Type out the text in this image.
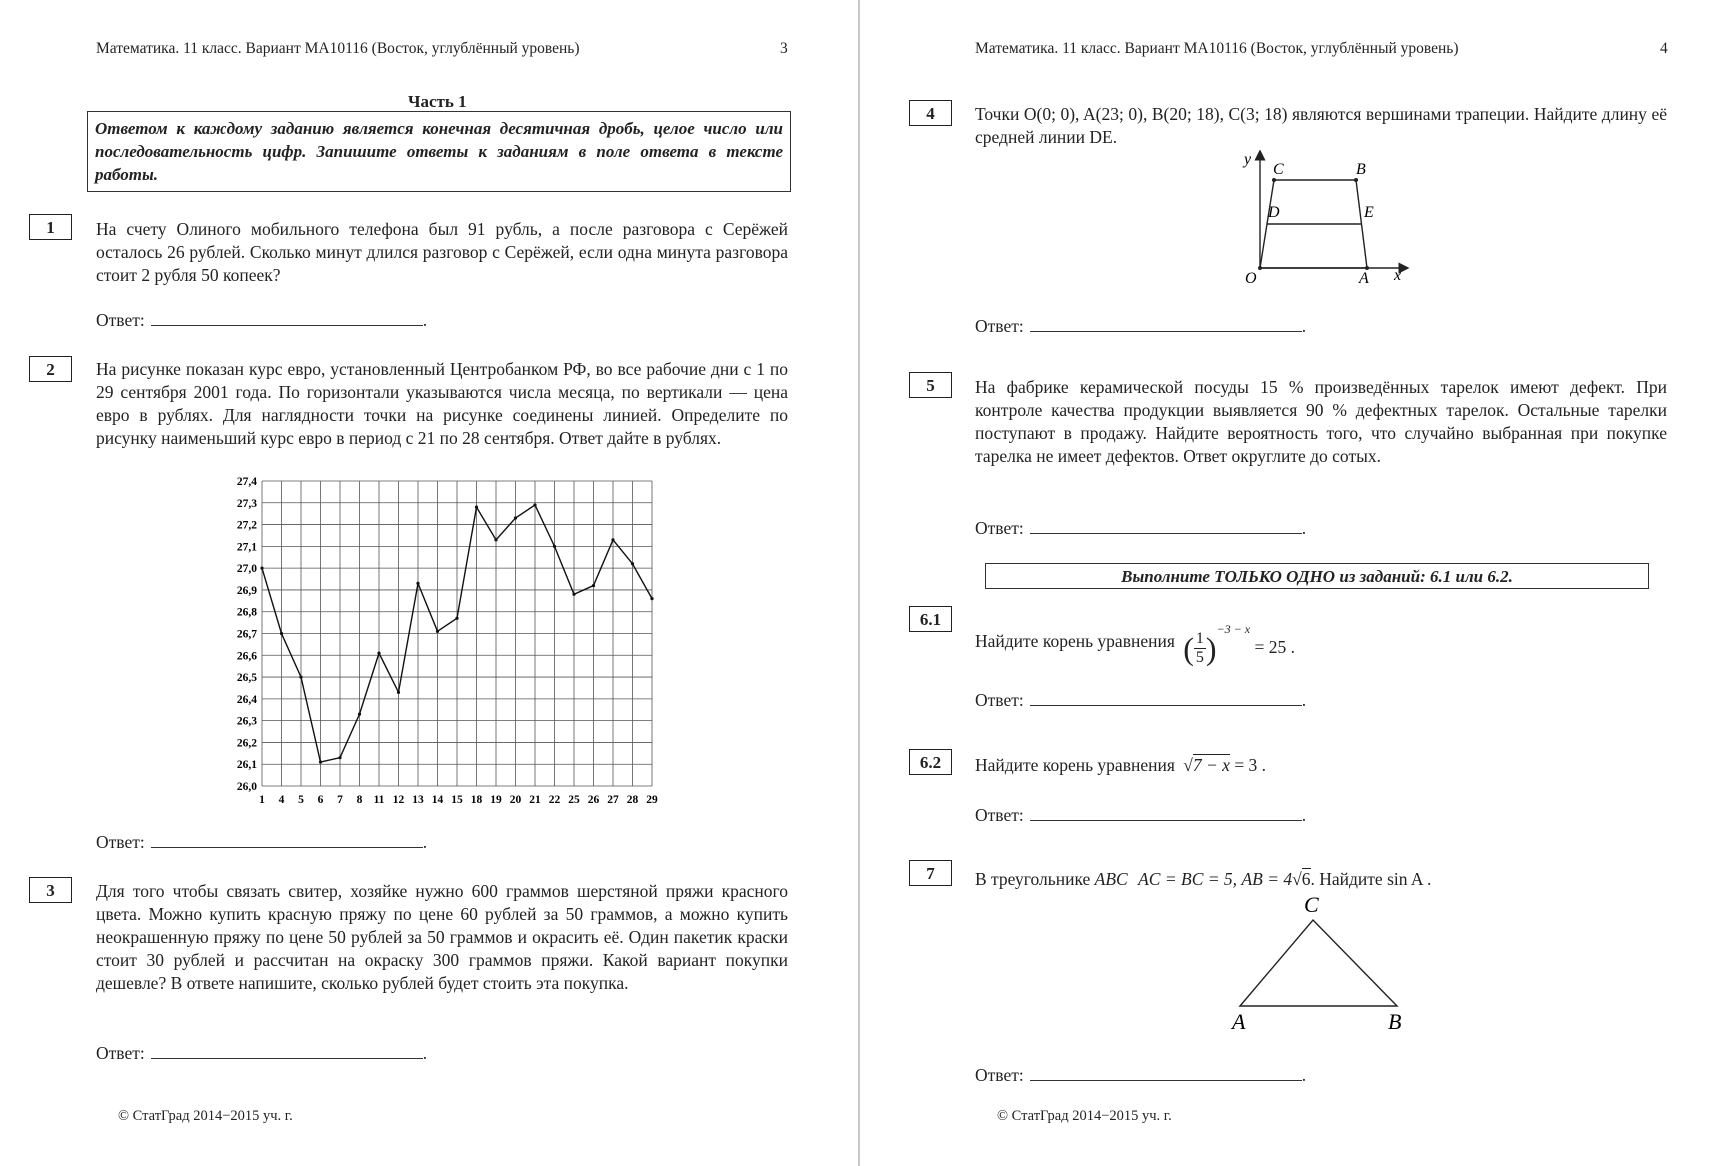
Математика. 11 класс. Вариант МА10116 (Восток, углублённый уровень)	3
Часть 1
Ответом к каждому заданию является конечная десятичная дробь, целое число или последовательность цифр. Запишите ответы к заданиям в поле ответа в тексте работы.
1	На счету Олиного мобильного телефона был 91 рубль, а после разговора с Серёжей осталось 26 рублей. Сколько минут длился разговор с Серёжей, если одна минута разговора стоит 2 рубля 50 копеек?
Ответ:	.
2	На рисунке показан курс евро, установленный Центробанком РФ, во все рабочие дни с 1 по 29 сентября 2001 года. По горизонтали указываются числа месяца, по вертикали — цена евро в рублях. Для наглядности точки на рисунке соединены линией. Определите по рисунку наименьший курс евро в период с 21 по 28 сентября. Ответ дайте в рублях.
26,0
26,1
26,2
26,3
26,4
26,5
26,6
26,7
26,8
26,9
27,0
27,1
27,2
27,3
27,4
1 4 5 6 7 8 11 12 13 14 15 18 19 20 21 22 25 26 27 28 29
Ответ:	.
3	Для того чтобы связать свитер, хозяйке нужно 600 граммов шерстяной пряжи красного цвета. Можно купить красную пряжу по цене 60 рублей за 50 граммов, а можно купить неокрашенную пряжу по цене 50 рублей за 50 граммов и окрасить её. Один пакетик краски стоит 30 рублей и рассчитан на окраску 300 граммов пряжи. Какой вариант покупки дешевле? В ответе напишите, сколько рублей будет стоить эта покупка.
Ответ:	.
© СтатГрад 2014−2015 уч. г.
Математика. 11 класс. Вариант МА10116 (Восток, углублённый уровень)	4
4	Точки O(0; 0), A(23; 0), B(20; 18), C(3; 18) являются вершинами трапеции. Найдите длину её средней линии DE.
y
x
O	A
B
C
D	E
Ответ:	.
5	На фабрике керамической посуды 15 % произведённых тарелок имеют дефект. При контроле качества продукции выявляется 90 % дефектных тарелок. Остальные тарелки поступают в продажу. Найдите вероятность того, что случайно выбранная при покупке тарелка не имеет дефектов. Ответ округлите до сотых.
Ответ:	.
Выполните ТОЛЬКО ОДНО из заданий: 6.1 или 6.2.
6.1
Найдите корень уравнения ( $\frac{1}{5} )^{-3 - x} = 25$ .
Ответ:	.
6.2	Найдите корень уравнения √7 − x = 3 .
Ответ:	.
7	В треугольнике ABC AC = BC = 5, AB = 4√6. Найдите sin A .
C
A	B
Ответ:	.
© СтатГрад 2014−2015 уч. г.
